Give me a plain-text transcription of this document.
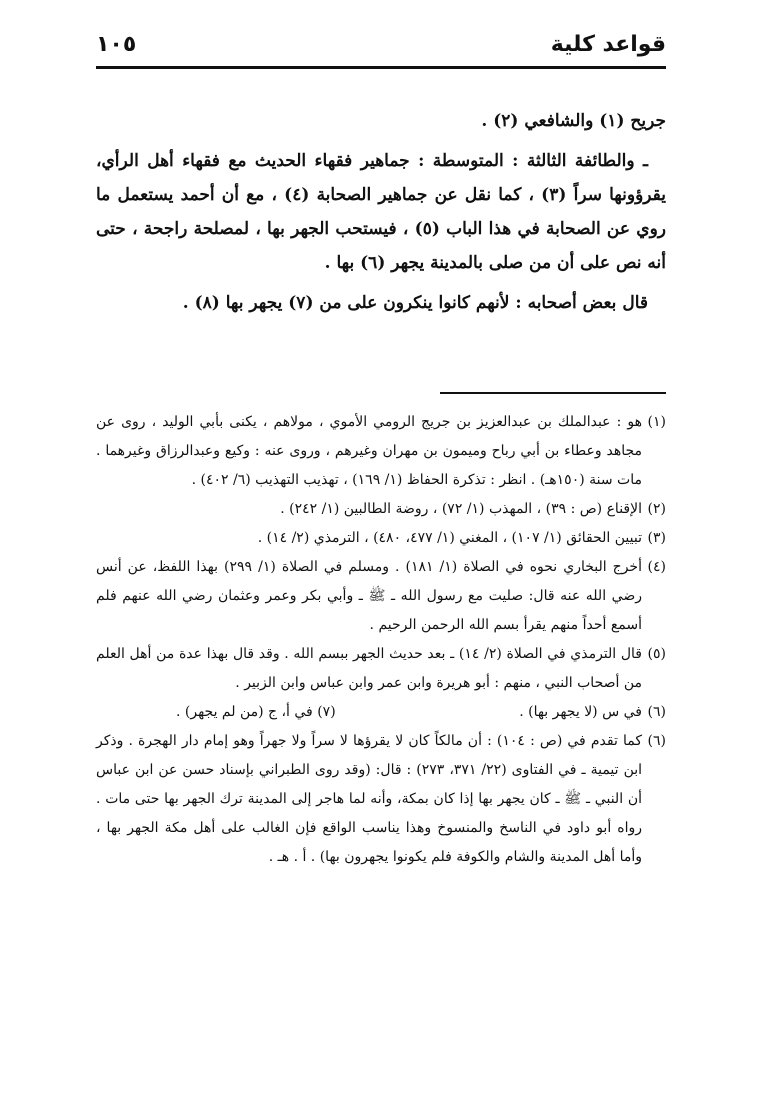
قواعد كلية
١٠٥

جريح (١) والشافعي (٢) .

ـ والطائفة الثالثة : المتوسطة : جماهير فقهاء الحديث مع فقهاء أهل الرأي، يقرؤونها سراً (٣) ، كما نقل عن جماهير الصحابة (٤) ، مع أن أحمد يستعمل ما روي عن الصحابة في هذا الباب (٥) ، فيستحب الجهر بها ، لمصلحة راجحة ، حتى أنه نص على أن من صلى بالمدينة يجهر (٦) بها .

قال بعض أصحابه : لأنهم كانوا ينكرون على من (٧) يجهر بها (٨) .

(١)
هو : عبدالملك بن عبدالعزيز بن جريج الرومي الأموي ، مولاهم ، يكنى بأبي الوليد ، روى عن مجاهد وعطاء بن أبي رباح وميمون بن مهران وغيرهم ، وروى عنه : وكيع وعبدالرزاق وغيرهما . مات سنة (١٥٠هـ) . انظر : تذكرة الحفاظ (١/ ١٦٩) ، تهذيب التهذيب (٦/ ٤٠٢) .

(٢)
الإقناع (ص : ٣٩) ، المهذب (١/ ٧٢) ، روضة الطالبين (١/ ٢٤٢) .

(٣)
تبيين الحقائق (١/ ١٠٧) ، المغني (١/ ٤٧٧، ٤٨٠) ، الترمذي (٢/ ١٤) .

(٤)
أخرج البخاري نحوه في الصلاة (١/ ١٨١) . ومسلم في الصلاة (١/ ٢٩٩) بهذا اللفظ، عن أنس رضي الله عنه قال: صليت مع رسول الله ـ ﷺ ـ وأبي بكر وعمر وعثمان رضي الله عنهم فلم أسمع أحداً منهم يقرأ بسم الله الرحمن الرحيم .

(٥)
قال الترمذي في الصلاة (٢/ ١٤) ـ بعد حديث الجهر ببسم الله . وقد قال بهذا عدة من أهل العلم من أصحاب النبي ، منهم : أبو هريرة وابن عمر وابن عباس وابن الزبير .

(٦)
في س (لا يجهر بها) .
(٧) في أ، ج (من لم يجهر) .

(٦)
كما تقدم في (ص : ١٠٤) : أن مالكاً كان لا يقرؤها لا سراً ولا جهراً وهو إمام دار الهجرة . وذكر ابن تيمية ـ في الفتاوى (٢٢/ ٣٧١، ٢٧٣) : قال: (وقد روى الطبراني بإسناد حسن عن ابن عباس أن النبي ـ ﷺ ـ كان يجهر بها إذا كان بمكة، وأنه لما هاجر إلى المدينة ترك الجهر بها حتى مات . رواه أبو داود في الناسخ والمنسوخ وهذا يناسب الواقع فإن الغالب على أهل مكة الجهر بها ، وأما أهل المدينة والشام والكوفة فلم يكونوا يجهرون بها) . أ . هـ .
